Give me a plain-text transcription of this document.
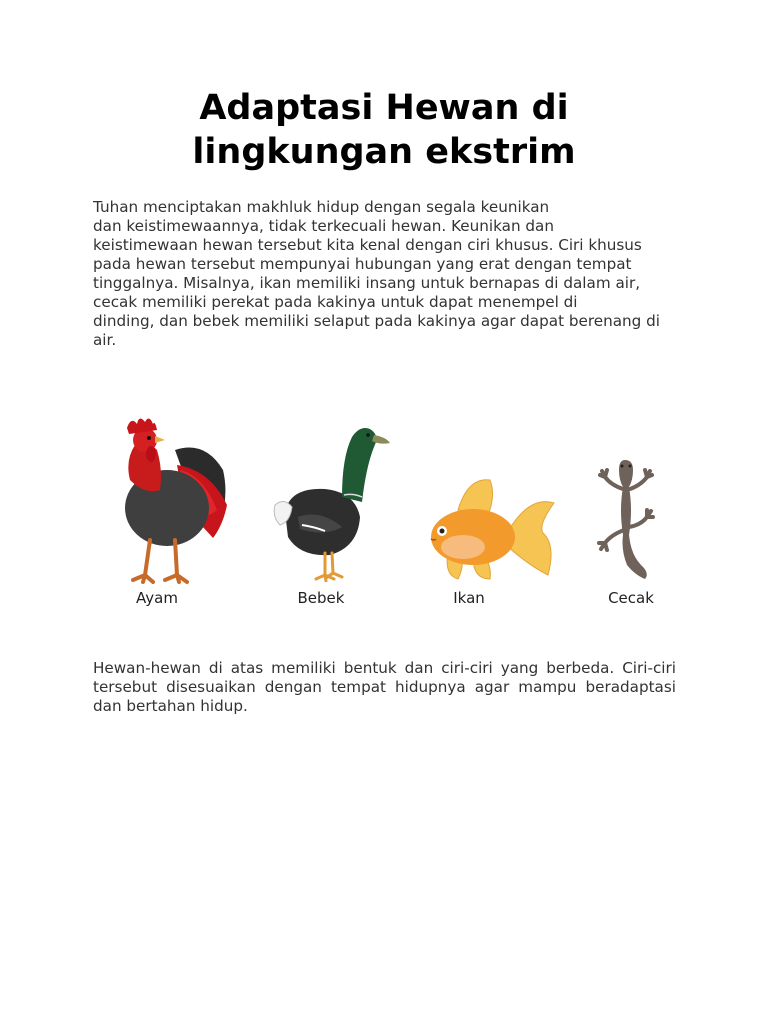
Adaptasi Hewan di
lingkungan ekstrim
Tuhan menciptakan makhluk hidup dengan segala keunikan
dan keistimewaannya, tidak terkecuali hewan. Keunikan dan
keistimewaan hewan tersebut kita kenal dengan ciri khusus. Ciri khusus
pada hewan tersebut mempunyai hubungan yang erat dengan tempat
tinggalnya. Misalnya, ikan memiliki insang untuk bernapas di dalam air,
cecak memiliki perekat pada kakinya untuk dapat menempel di
dinding, dan bebek memiliki selaput pada kakinya agar dapat berenang di
air.
Ayam	Bebek	Ikan	Cecak
Hewan-hewan di atas memiliki bentuk dan ciri-ciri yang berbeda. Ciri-ciri
tersebut disesuaikan dengan tempat hidupnya agar mampu beradaptasi
dan bertahan hidup.
